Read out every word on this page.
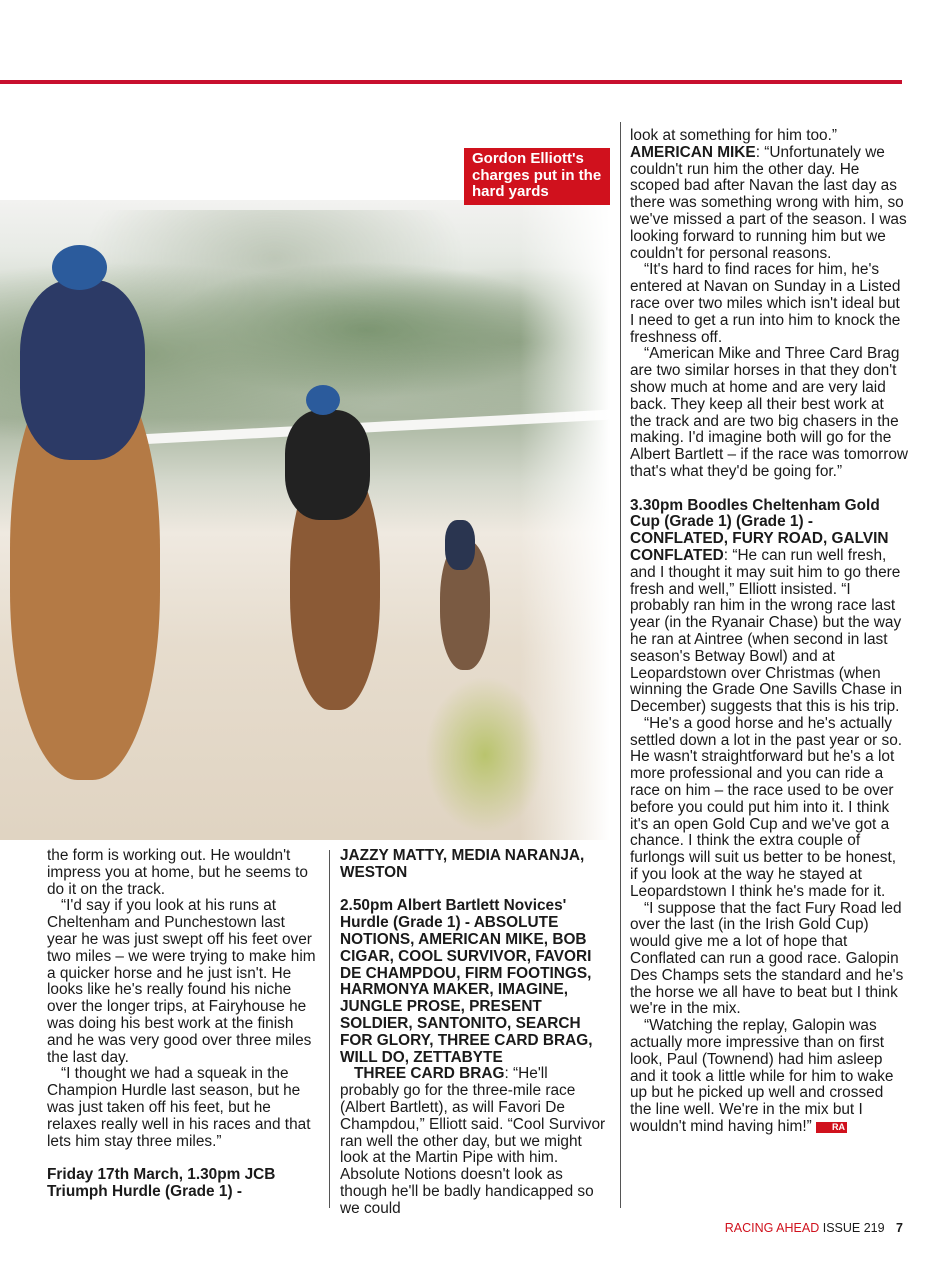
Gordon Elliott's charges put in the hard yards

the form is working out. He wouldn't impress you at home, but he seems to do it on the track.

“I'd say if you look at his runs at Cheltenham and Punchestown last year he was just swept off his feet over two miles – we were trying to make him a quicker horse and he just isn't. He looks like he's really found his niche over the longer trips, at Fairyhouse he was doing his best work at the finish and he was very good over three miles the last day.

“I thought we had a squeak in the Champion Hurdle last season, but he was just taken off his feet, but he relaxes really well in his races and that lets him stay three miles.”

Friday 17th March, 1.30pm JCB Triumph Hurdle (Grade 1) -
JAZZY MATTY, MEDIA NARANJA, WESTON
2.50pm Albert Bartlett Novices' Hurdle (Grade 1) - ABSOLUTE NOTIONS, AMERICAN MIKE, BOB CIGAR, COOL SURVIVOR, FAVORI DE CHAMPDOU, FIRM FOOTINGS, HARMONYA MAKER, IMAGINE, JUNGLE PROSE, PRESENT SOLDIER, SANTONITO, SEARCH FOR GLORY, THREE CARD BRAG, WILL DO, ZETTABYTE

THREE CARD BRAG: “He'll probably go for the three-mile race (Albert Bartlett), as will Favori De Champdou,” Elliott said. “Cool Survivor ran well the other day, but we might look at the Martin Pipe with him. Absolute Notions doesn't look as though he'll be badly handicapped so we could

look at something for him too.”

AMERICAN MIKE: “Unfortunately we couldn't run him the other day. He scoped bad after Navan the last day as there was something wrong with him, so we've missed a part of the season. I was looking forward to running him but we couldn't for personal reasons.

“It's hard to find races for him, he's entered at Navan on Sunday in a Listed race over two miles which isn't ideal but I need to get a run into him to knock the freshness off.

“American Mike and Three Card Brag are two similar horses in that they don't show much at home and are very laid back. They keep all their best work at the track and are two big chasers in the making. I'd imagine both will go for the Albert Bartlett – if the race was tomorrow that's what they'd be going for.”

3.30pm Boodles Cheltenham Gold Cup (Grade 1) (Grade 1) - CONFLATED, FURY ROAD, GALVIN

CONFLATED: “He can run well fresh, and I thought it may suit him to go there fresh and well,” Elliott insisted. “I probably ran him in the wrong race last year (in the Ryanair Chase) but the way he ran at Aintree (when second in last season's Betway Bowl) and at Leopardstown over Christmas (when winning the Grade One Savills Chase in December) suggests that this is his trip.

“He's a good horse and he's actually settled down a lot in the past year or so. He wasn't straightforward but he's a lot more professional and you can ride a race on him – the race used to be over before you could put him into it. I think it's an open Gold Cup and we've got a chance. I think the extra couple of furlongs will suit us better to be honest, if you look at the way he stayed at Leopardstown I think he's made for it.

“I suppose that the fact Fury Road led over the last (in the Irish Gold Cup) would give me a lot of hope that Conflated can run a good race. Galopin Des Champs sets the standard and he's the horse we all have to beat but I think we're in the mix.

“Watching the replay, Galopin was actually more impressive than on first look, Paul (Townend) had him asleep and it took a little while for him to wake up but he picked up well and crossed the line well. We're in the mix but I wouldn't mind having him!” RA

RACING AHEAD ISSUE 219 7
